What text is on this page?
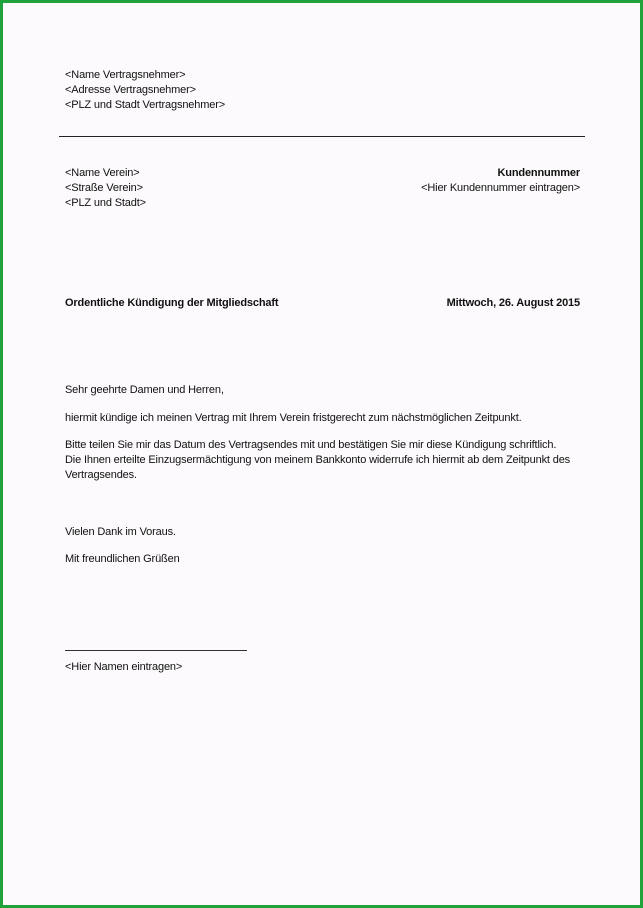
<Name Vertragsnehmer>
<Adresse Vertragsnehmer>
<PLZ und Stadt Vertragsnehmer>
<Name Verein>
<Straße Verein>
<PLZ und Stadt>
Kundennummer
<Hier Kundennummer eintragen>
Ordentliche Kündigung der Mitgliedschaft	Mittwoch, 26. August 2015
Sehr geehrte Damen und Herren,
hiermit kündige ich meinen Vertrag mit Ihrem Verein fristgerecht zum nächstmöglichen Zeitpunkt.
Bitte teilen Sie mir das Datum des Vertragsendes mit und bestätigen Sie mir diese Kündigung schriftlich.
Die Ihnen erteilte Einzugsermächtigung von meinem Bankkonto widerrufe ich hiermit ab dem Zeitpunkt des
Vertragsendes.
Vielen Dank im Voraus.
Mit freundlichen Grüßen
<Hier Namen eintragen>
